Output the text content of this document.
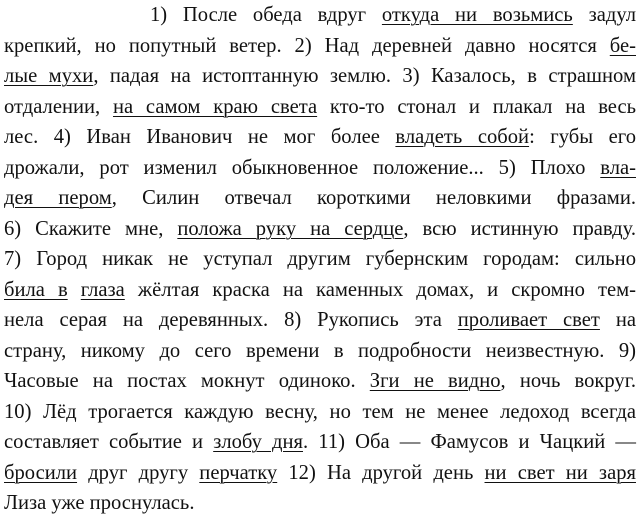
1) После обеда вдруг откуда ни возьмись задул
крепкий, но попутный ветер. 2) Над деревней давно носятся бе-
лые мухи, падая на истоптанную землю. 3) Казалось, в страшном
отдалении, на самом краю света кто-то стонал и плакал на весь
лес. 4) Иван Иванович не мог более владеть собой: губы его
дрожали, рот изменил обыкновенное положение... 5) Плохо вла-
дея пером, Силин отвечал короткими неловкими фразами.
6) Скажите мне, положа руку на сердце, всю истинную правду.
7) Город никак не уступал другим губернским городам: сильно
била в глаза жёлтая краска на каменных домах, и скромно тем-
нела серая на деревянных. 8) Рукопись эта проливает свет на
страну, никому до сего времени в подробности неизвестную. 9)
Часовые на постах мокнут одиноко. Зги не видно, ночь вокруг.
10) Лёд трогается каждую весну, но тем не менее ледоход всегда
составляет событие и злобу дня. 11) Оба — Фамусов и Чацкий —
бросили друг другу перчатку 12) На другой день ни свет ни заря
Лиза уже проснулась.
